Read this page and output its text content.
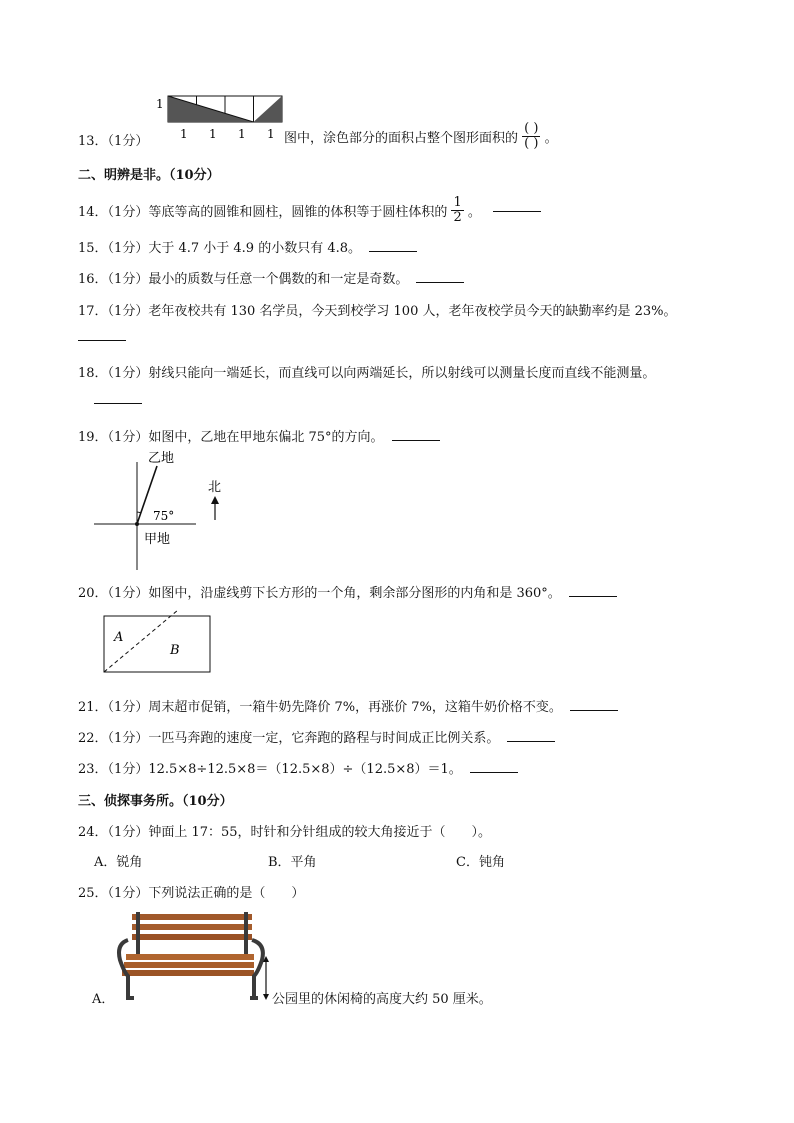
1
1 1 1 1
13．（1分）	图中，涂色部分的面积占整个图形面积的 $\frac{( )}{( )}$ 。
二、明辨是非。（10分）
14．（1分）等底等高的圆锥和圆柱，圆锥的体积等于圆柱体积的 $\frac{1}{2}$ 。
15．（1分）大于 4.7 小于 4.9 的小数只有 4.8。
16．（1分）最小的质数与任意一个偶数的和一定是奇数。
17．（1分）老年夜校共有 130 名学员，今天到校学习 100 人，老年夜校学员今天的缺勤率约是 23%。
18．（1分）射线只能向一端延长，而直线可以向两端延长，所以射线可以测量长度而直线不能测量。
19．（1分）如图中，乙地在甲地东偏北 75°的方向。
乙地
75°
甲地
北
20．（1分）如图中，沿虚线剪下长方形的一个角，剩余部分图形的内角和是 360°。
A
B
21．（1分）周末超市促销，一箱牛奶先降价 7%，再涨价 7%，这箱牛奶价格不变。
22．（1分）一匹马奔跑的速度一定，它奔跑的路程与时间成正比例关系。
23．（1分）12.5×8÷12.5×8＝（12.5×8）÷（12.5×8）＝1。
三、侦探事务所。（10分）
24．（1分）钟面上 17：55，时针和分针组成的较大角接近于（　　）。
A．锐角	B．平角	C．钝角
25．（1分）下列说法正确的是（　　）
A．	公园里的休闲椅的高度大约 50 厘米。
